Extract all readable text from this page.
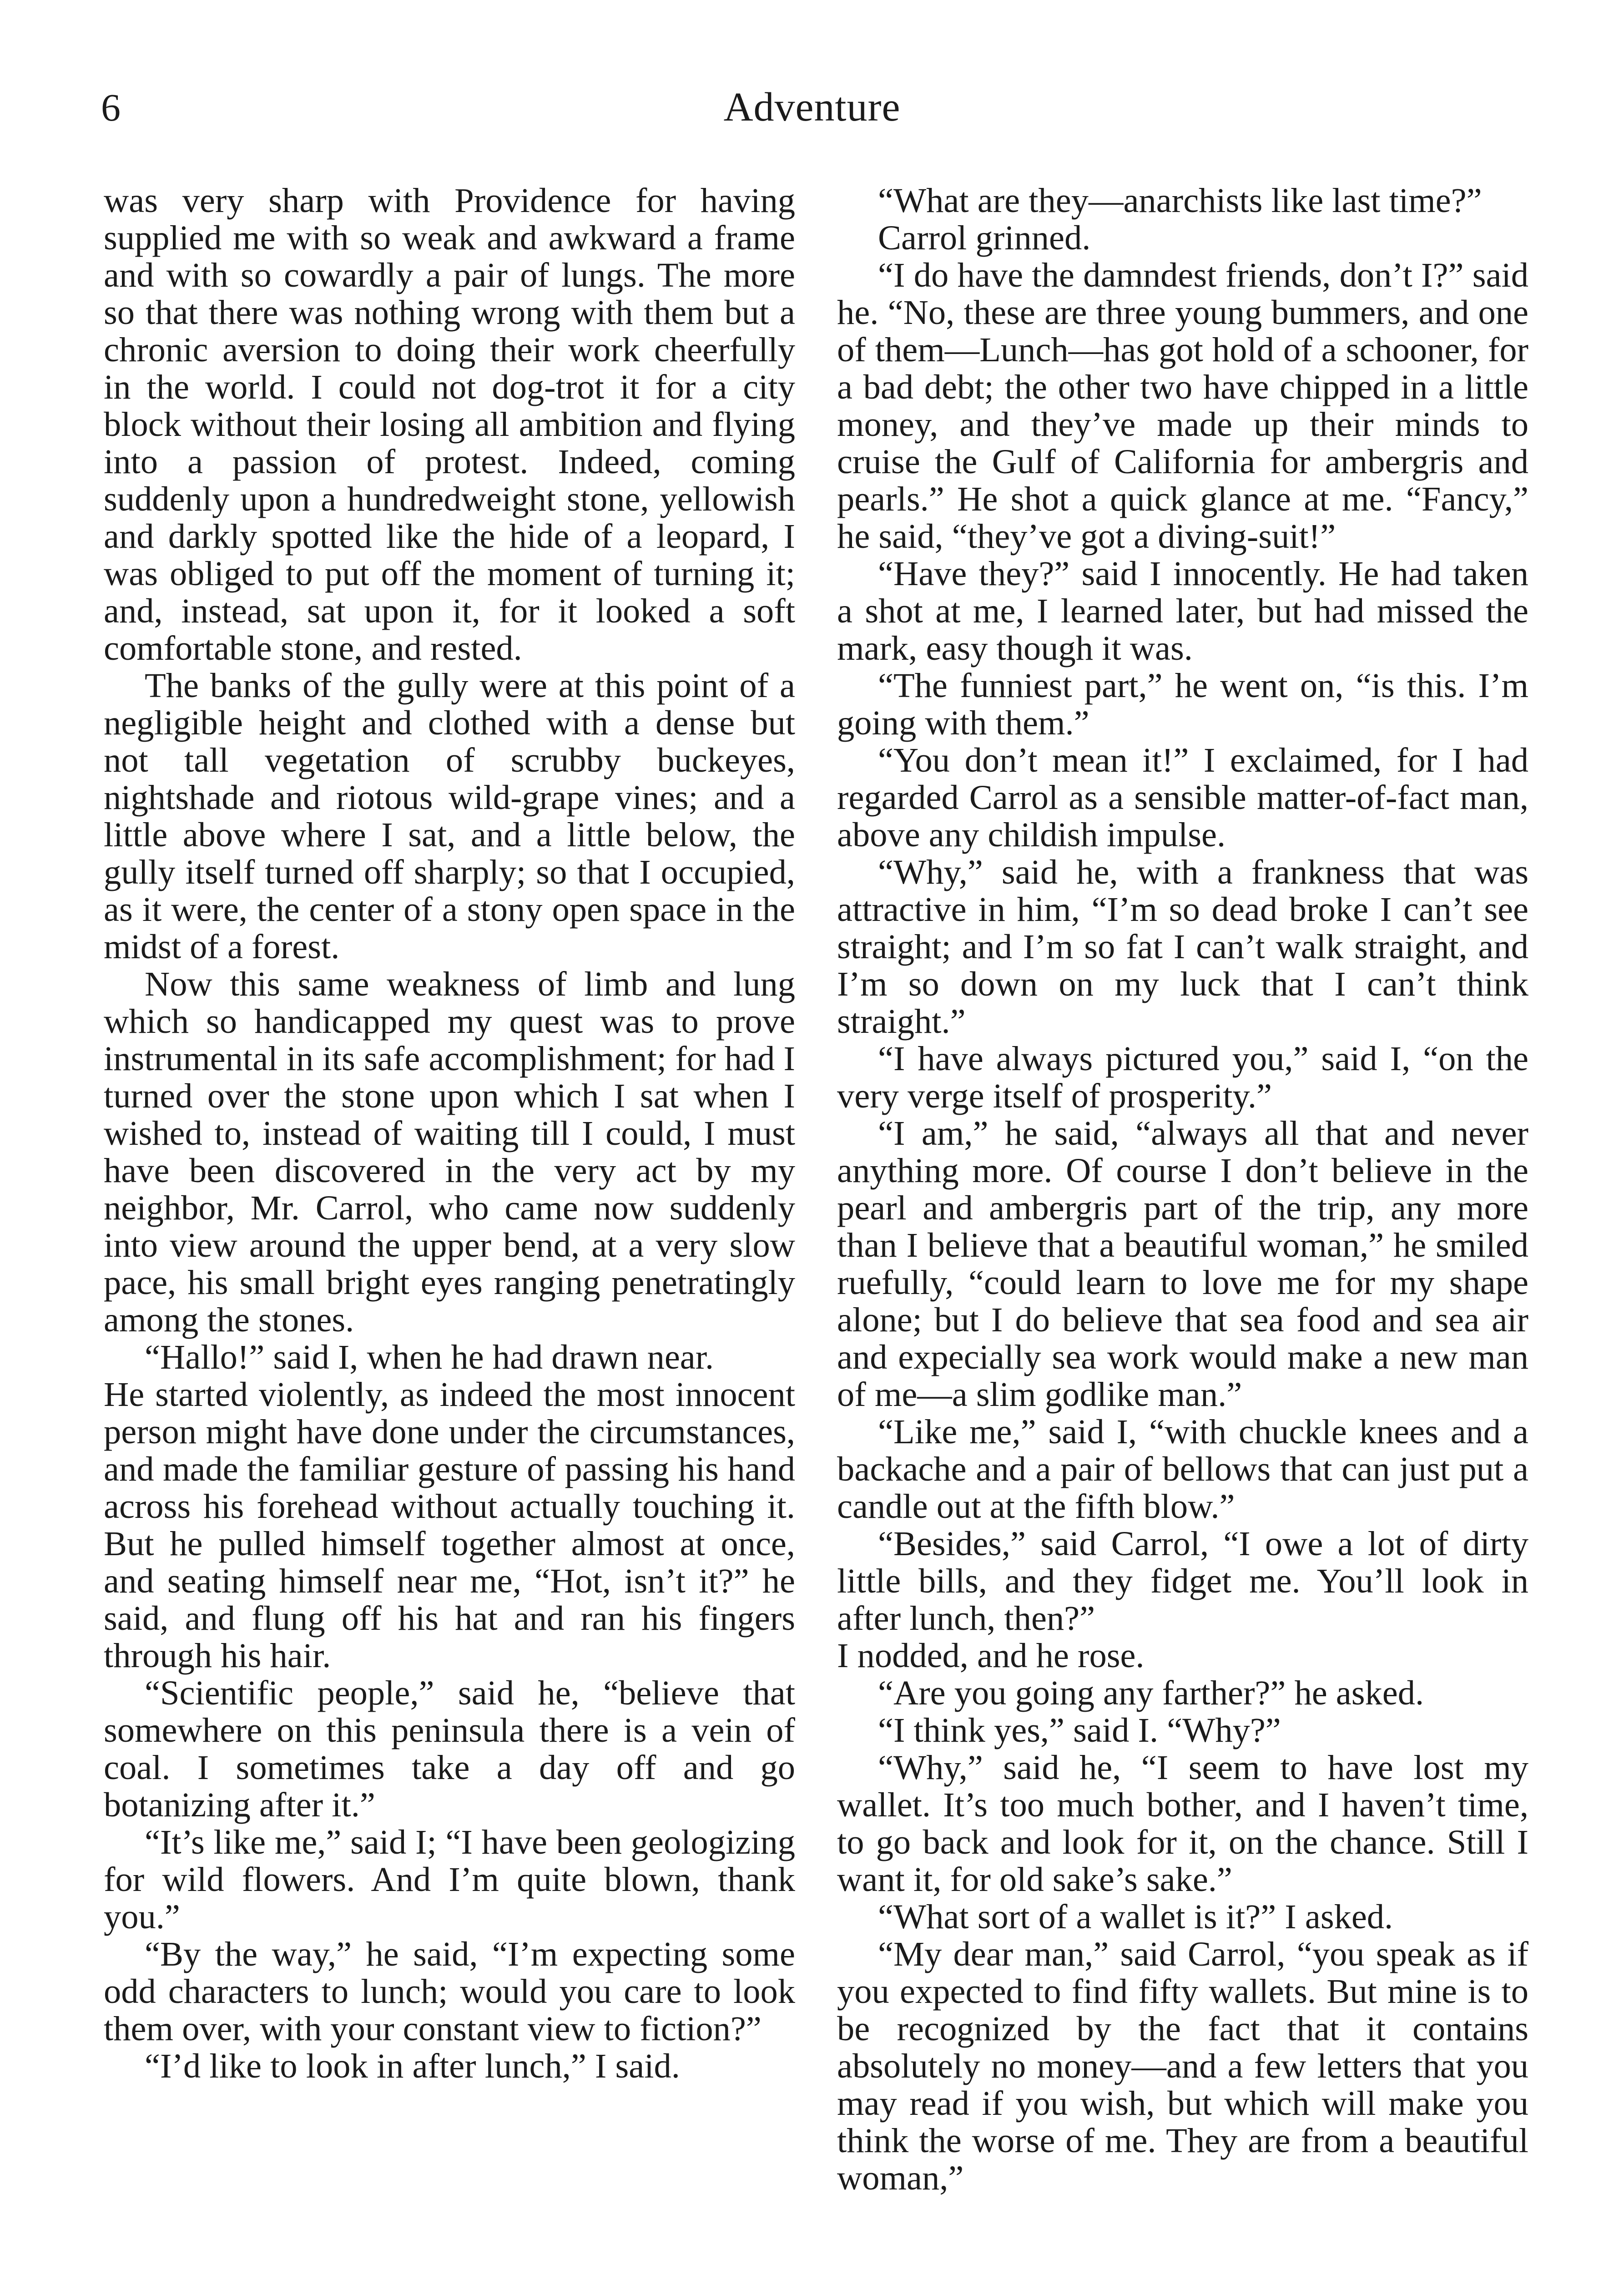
6	Adventure

was very sharp with Providence for having supplied me with so weak and awkward a frame and with so cowardly a pair of lungs. The more so that there was nothing wrong with them but a chronic aversion to doing their work cheerfully in the world. I could not dog-trot it for a city block without their losing all ambition and flying into a passion of protest. Indeed, coming suddenly upon a hundredweight stone, yellowish and darkly spotted like the hide of a leopard, I was obliged to put off the moment of turning it; and, instead, sat upon it, for it looked a soft comfortable stone, and rested.

The banks of the gully were at this point of a negligible height and clothed with a dense but not tall vegetation of scrubby buckeyes, nightshade and riotous wild-grape vines; and a little above where I sat, and a little below, the gully itself turned off sharply; so that I occupied, as it were, the center of a stony open space in the midst of a forest.

Now this same weakness of limb and lung which so handicapped my quest was to prove instrumental in its safe accomplishment; for had I turned over the stone upon which I sat when I wished to, instead of waiting till I could, I must have been discovered in the very act by my neighbor, Mr. Carrol, who came now suddenly into view around the upper bend, at a very slow pace, his small bright eyes ranging penetratingly among the stones.

“Hallo!” said I, when he had drawn near.

He started violently, as indeed the most innocent person might have done under the circumstances, and made the familiar gesture of passing his hand across his forehead without actually touching it. But he pulled himself together almost at once, and seating himself near me, “Hot, isn’t it?” he said, and flung off his hat and ran his fingers through his hair.

“Scientific people,” said he, “believe that somewhere on this peninsula there is a vein of coal. I sometimes take a day off and go botanizing after it.”

“It’s like me,” said I; “I have been geologizing for wild flowers. And I’m quite blown, thank you.”

“By the way,” he said, “I’m expecting some odd characters to lunch; would you care to look them over, with your constant view to fiction?”

“I’d like to look in after lunch,” I said.

“What are they—anarchists like last time?”

Carrol grinned.

“I do have the damndest friends, don’t I?” said he. “No, these are three young bummers, and one of them—Lunch—has got hold of a schooner, for a bad debt; the other two have chipped in a little money, and they’ve made up their minds to cruise the Gulf of California for ambergris and pearls.” He shot a quick glance at me. “Fancy,” he said, “they’ve got a diving-suit!”

“Have they?” said I innocently. He had taken a shot at me, I learned later, but had missed the mark, easy though it was.

“The funniest part,” he went on, “is this. I’m going with them.”

“You don’t mean it!” I exclaimed, for I had regarded Carrol as a sensible matter-of-fact man, above any childish impulse.

“Why,” said he, with a frankness that was attractive in him, “I’m so dead broke I can’t see straight; and I’m so fat I can’t walk straight, and I’m so down on my luck that I can’t think straight.”

“I have always pictured you,” said I, “on the very verge itself of prosperity.”

“I am,” he said, “always all that and never anything more. Of course I don’t believe in the pearl and ambergris part of the trip, any more than I believe that a beautiful woman,” he smiled ruefully, “could learn to love me for my shape alone; but I do believe that sea food and sea air and expecially sea work would make a new man of me—a slim godlike man.”

“Like me,” said I, “with chuckle knees and a backache and a pair of bellows that can just put a candle out at the fifth blow.”

“Besides,” said Carrol, “I owe a lot of dirty little bills, and they fidget me. You’ll look in after lunch, then?”

I nodded, and he rose.

“Are you going any farther?” he asked.

“I think yes,” said I. “Why?”

“Why,” said he, “I seem to have lost my wallet. It’s too much bother, and I haven’t time, to go back and look for it, on the chance. Still I want it, for old sake’s sake.”

“What sort of a wallet is it?” I asked.

“My dear man,” said Carrol, “you speak as if you expected to find fifty wallets. But mine is to be recognized by the fact that it contains absolutely no money—and a few letters that you may read if you wish, but which will make you think the worse of me. They are from a beautiful woman,”
